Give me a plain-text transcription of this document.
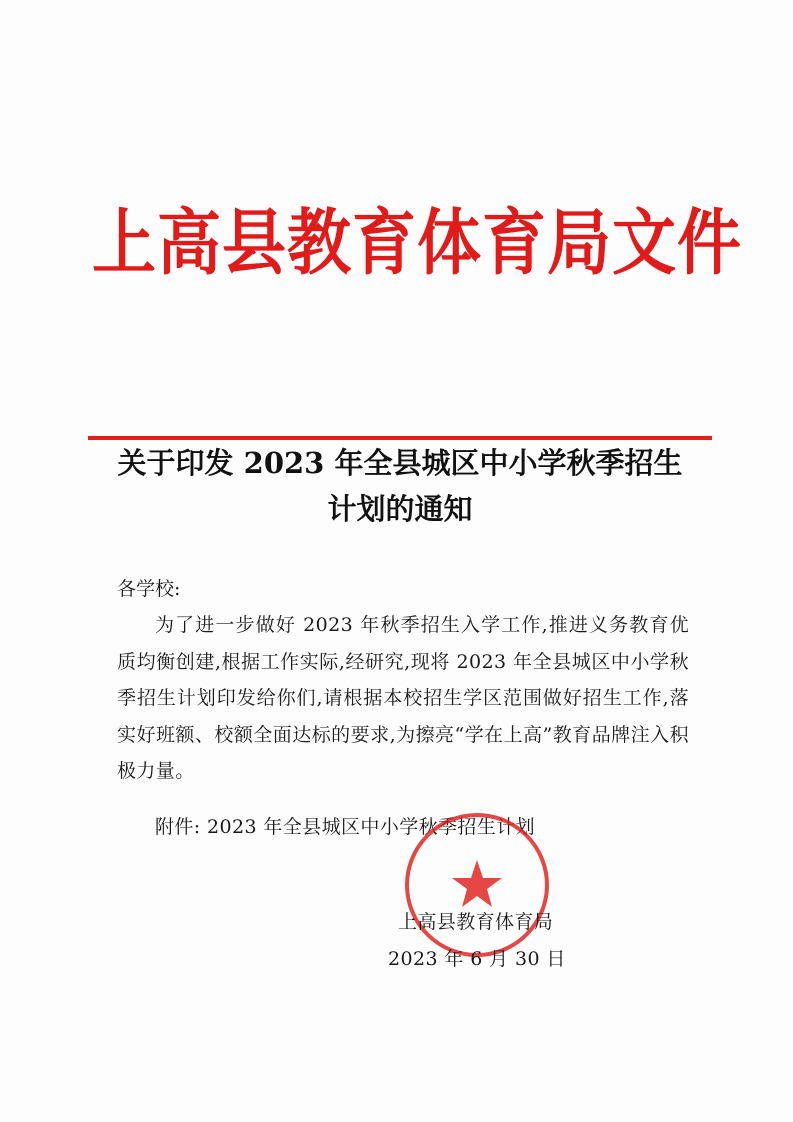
上高县教育体育局文件
关于印发 2023 年全县城区中小学秋季招生
计划的通知
各学校:
为了进一步做好 2023 年秋季招生入学工作,推进义务教育优质均衡创建,根据工作实际,经研究,现将 2023 年全县城区中小学秋季招生计划印发给你们,请根据本校招生学区范围做好招生工作,落实好班额、校额全面达标的要求,为擦亮“学在上高”教育品牌注入积极力量。
附件: 2023 年全县城区中小学秋季招生计划
上高县教育体育局
2023 年 6 月 30 日
